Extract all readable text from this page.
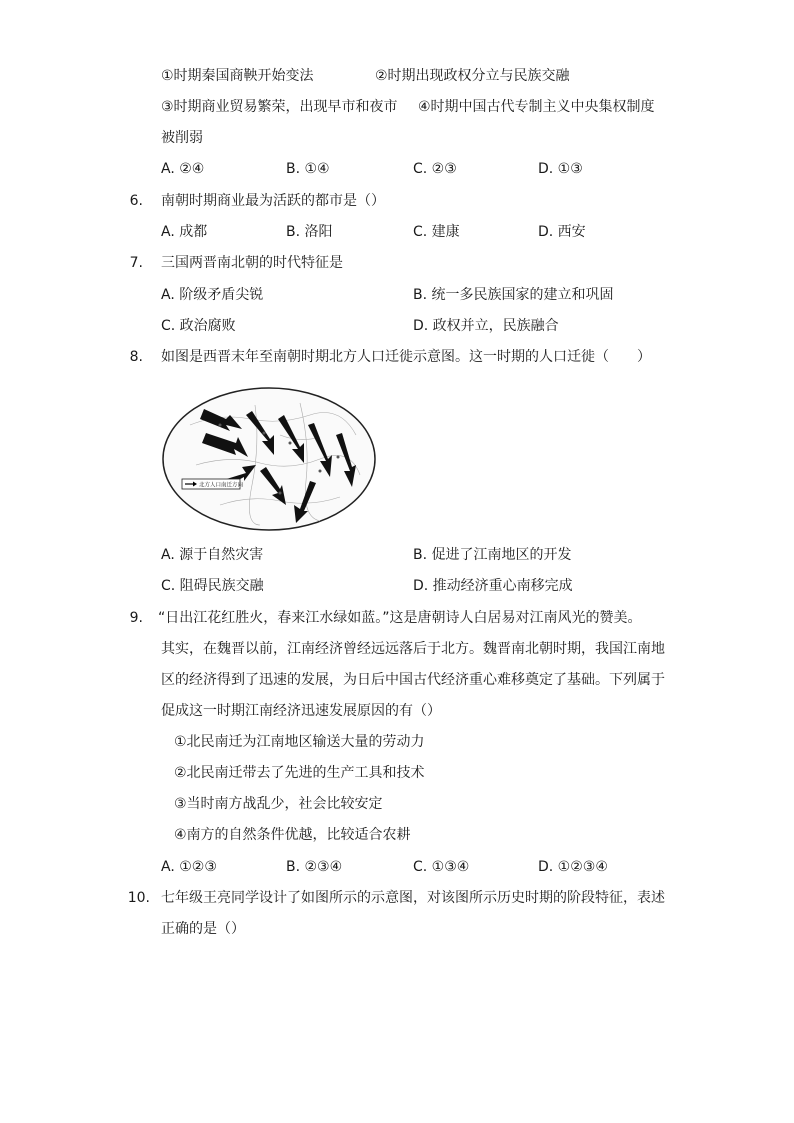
①时期秦国商鞅开始变法	②时期出现政权分立与民族交融
③时期商业贸易繁荣，出现早市和夜市 ④时期中国古代专制主义中央集权制度
被削弱
A. ②④	B. ①④	C. ②③	D. ①③
6. 南朝时期商业最为活跃的都市是（）
A. 成都	B. 洛阳	C. 建康	D. 西安
7. 三国两晋南北朝的时代特征是
A. 阶级矛盾尖锐	B. 统一多民族国家的建立和巩固
C. 政治腐败	D. 政权并立，民族融合
8. 如图是西晋末年至南朝时期北方人口迁徙示意图。这一时期的人口迁徙（　　）
北方人口南迁方向
A. 源于自然灾害	B. 促进了江南地区的开发
C. 阻碍民族交融	D. 推动经济重心南移完成
9. “日出江花红胜火，春来江水绿如蓝。”这是唐朝诗人白居易对江南风光的赞美。
其实，在魏晋以前，江南经济曾经远远落后于北方。魏晋南北朝时期，我国江南地
区的经济得到了迅速的发展，为日后中国古代经济重心难移奠定了基础。下列属于
促成这一时期江南经济迅速发展原因的有（）
①北民南迁为江南地区输送大量的劳动力
②北民南迁带去了先进的生产工具和技术
③当时南方战乱少，社会比较安定
④南方的自然条件优越，比较适合农耕
A. ①②③	B. ②③④	C. ①③④	D. ①②③④
10. 七年级王亮同学设计了如图所示的示意图，对该图所示历史时期的阶段特征，表述
正确的是（）
